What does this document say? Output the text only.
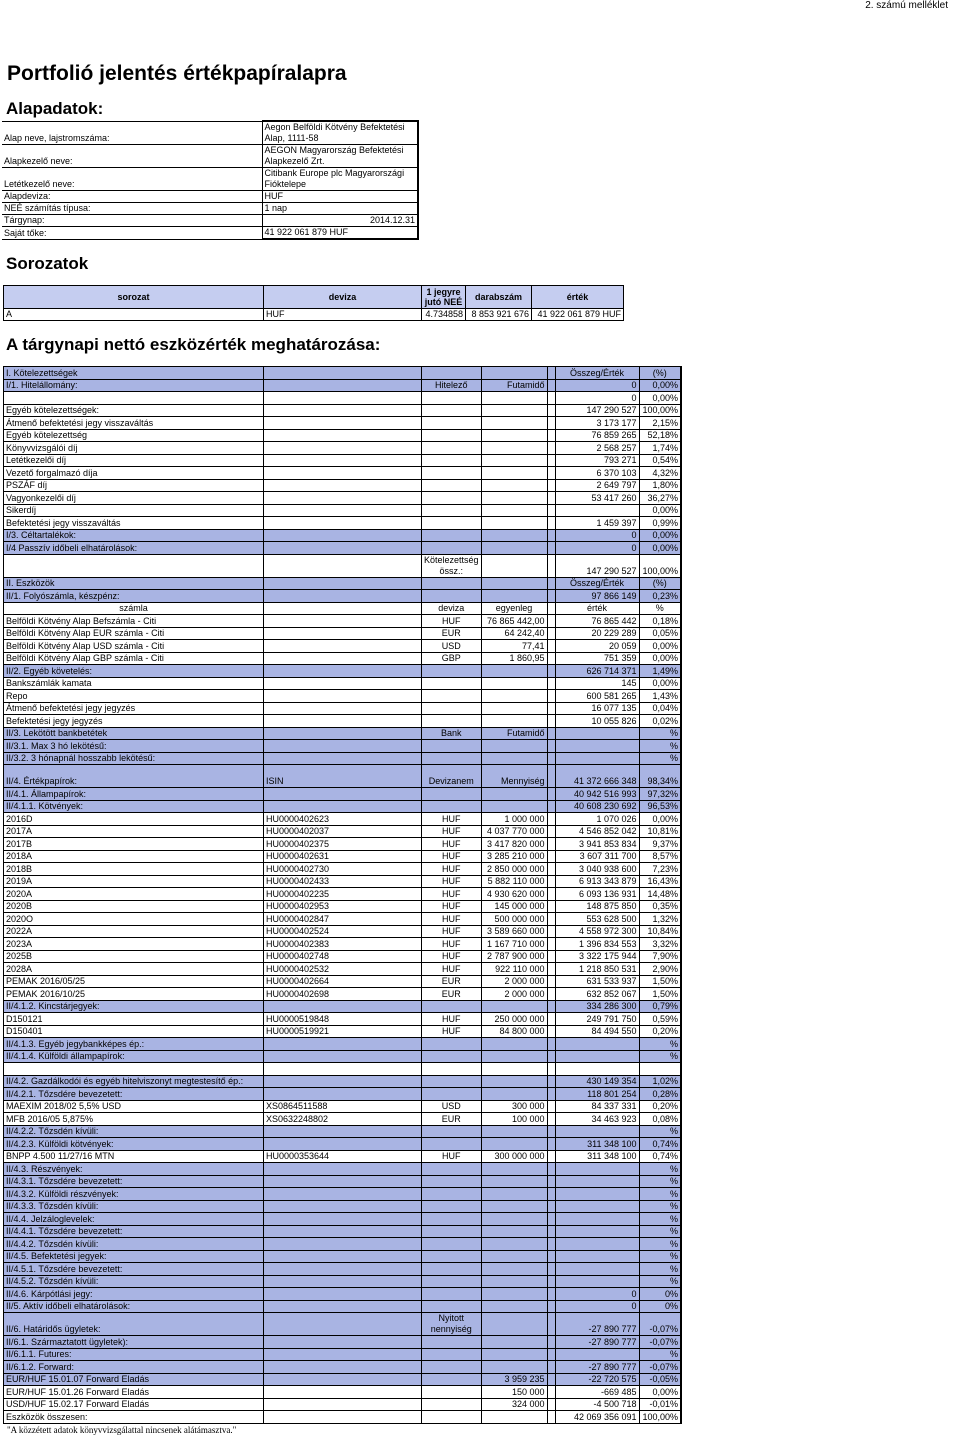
2. számú melléklet
Portfolió jelentés értékpapíralapra
Alapadatok:
Alap neve, lajstromszáma:	Aegon Belföldi Kötvény Befektetési Alap, 1111-58
Alapkezelő neve:	AEGON Magyarország Befektetési Alapkezelő Zrt.
Letétkezelő neve:	Citibank Europe plc Magyarországi Fióktelepe
Alapdeviza:	HUF
NEÉ számítás típusa:	1 nap
Tárgynap:	2014.12.31
Saját tőke:	41 922 061 879 HUF
Sorozatok
sorozat	deviza	1 jegyre jutó NEÉ	darabszám	érték
A	HUF	4.734858	8 853 921 676	41 922 061 879 HUF
A tárgynapi nettó eszközérték meghatározása:
I. Kötelezettségek					Összeg/Érték	(%)
I/1. Hitelállomány:		Hitelező	Futamidő		0	0,00%
					0	0,00%
Egyéb kötelezettségek:					147 290 527	100,00%
Átmenő befektetési jegy visszaváltás					3 173 177	2,15%
Egyéb kötelezettség					76 859 265	52,18%
Könyvvizsgálói díj					2 568 257	1,74%
Letétkezelői díj					793 271	0,54%
Vezető forgalmazó díja					6 370 103	4,32%
PSZÁF díj					2 649 797	1,80%
Vagyonkezelői díj					53 417 260	36,27%
Sikerdíj						0,00%
Befektetési jegy visszaváltás					1 459 397	0,99%
I/3. Céltartalékok:					0	0,00%
I/4 Passzív időbeli elhatárolások:					0	0,00%
		Kötelezettség össz.:			147 290 527	100,00%
II. Eszközök					Összeg/Érték	(%)
II/1. Folyószámla, készpénz:					97 866 149	0,23%
számla		deviza	egyenleg		érték	%
Belföldi Kötvény Alap Befszámla - Citi		HUF	76 865 442,00		76 865 442	0,18%
Belföldi Kötvény Alap EUR számla - Citi		EUR	64 242,40		20 229 289	0,05%
Belföldi Kötvény Alap USD számla - Citi		USD	77,41		20 059	0,00%
Belföldi Kötvény Alap GBP számla - Citi		GBP	1 860,95		751 359	0,00%
II/2. Egyéb követelés:					626 714 371	1,49%
Bankszámlák kamata					145	0,00%
Repo					600 581 265	1,43%
Átmenő befektetési jegy jegyzés					16 077 135	0,04%
Befektetési jegy jegyzés					10 055 826	0,02%
II/3. Lekötött bankbetétek		Bank	Futamidő			%
II/3.1. Max 3 hó lekötésű:						%
II/3.2. 3 hónapnál hosszabb lekötésű:						%
II/4. Értékpapírok:	ISIN	Devizanem	Mennyiség		41 372 666 348	98,34%
II/4.1. Állampapírok:					40 942 516 993	97,32%
II/4.1.1. Kötvények:					40 608 230 692	96,53%
2016D	HU0000402623	HUF	1 000 000		1 070 026	0,00%
2017A	HU0000402037	HUF	4 037 770 000		4 546 852 042	10,81%
2017B	HU0000402375	HUF	3 417 820 000		3 941 853 834	9,37%
2018A	HU0000402631	HUF	3 285 210 000		3 607 311 700	8,57%
2018B	HU0000402730	HUF	2 850 000 000		3 040 938 600	7,23%
2019A	HU0000402433	HUF	5 882 110 000		6 913 343 879	16,43%
2020A	HU0000402235	HUF	4 930 620 000		6 093 136 931	14,48%
2020B	HU0000402953	HUF	145 000 000		148 875 850	0,35%
2020O	HU0000402847	HUF	500 000 000		553 628 500	1,32%
2022A	HU0000402524	HUF	3 589 660 000		4 558 972 300	10,84%
2023A	HU0000402383	HUF	1 167 710 000		1 396 834 553	3,32%
2025B	HU0000402748	HUF	2 787 900 000		3 322 175 944	7,90%
2028A	HU0000402532	HUF	922 110 000		1 218 850 531	2,90%
PEMAK 2016/05/25	HU0000402664	EUR	2 000 000		631 533 937	1,50%
PEMAK 2016/10/25	HU0000402698	EUR	2 000 000		632 852 067	1,50%
II/4.1.2. Kincstárjegyek:					334 286 300	0,79%
D150121	HU0000519848	HUF	250 000 000		249 791 750	0,59%
D150401	HU0000519921	HUF	84 800 000		84 494 550	0,20%
II/4.1.3. Egyéb jegybankképes ép.:						%
II/4.1.4. Külföldi állampapírok:						%

II/4.2. Gazdálkodói és egyéb hitelviszonyt megtestesítő ép.:					430 149 354	1,02%
II/4.2.1. Tőzsdére bevezetett:					118 801 254	0,28%
MAEXIM 2018/02 5,5% USD	XS0864511588	USD	300 000		84 337 331	0,20%
MFB 2016/05 5,875%	XS0632248802	EUR	100 000		34 463 923	0,08%
II/4.2.2. Tőzsdén kívüli:						%
II/4.2.3. Külföldi kötvények:					311 348 100	0,74%
BNPP 4.500 11/27/16 MTN	HU0000353644	HUF	300 000 000		311 348 100	0,74%
II/4.3. Részvények:						%
II/4.3.1. Tőzsdére bevezetett:						%
II/4.3.2. Külföldi részvények:						%
II/4.3.3. Tőzsdén kívüli:						%
II/4.4. Jelzáloglevelek:						%
II/4.4.1. Tőzsdére bevezetett:						%
II/4.4.2. Tőzsdén kívüli:						%
II/4.5. Befektetési jegyek:						%
II/4.5.1. Tőzsdére bevezetett:						%
II/4.5.2. Tőzsdén kívüli:						%
II/4.6. Kárpótlási jegy:					0	0%
II/5. Aktív időbeli elhatárolások:					0	0%
II/6. Határidős ügyletek:		Nyitott nennyiség			-27 890 777	-0,07%
II/6.1. Származtatott ügyletek):					-27 890 777	-0,07%
II/6.1.1. Futures:						%
II/6.1.2. Forward:					-27 890 777	-0,07%
EUR/HUF 15.01.07 Forward Eladás			3 959 235		-22 720 575	-0,05%
EUR/HUF 15.01.26 Forward Eladás			150 000		-669 485	0,00%
USD/HUF 15.02.17 Forward Eladás			324 000		-4 500 718	-0,01%
Eszközök összesen:					42 069 356 091	100,00%
"A közzétett adatok könyvvizsgálattal nincsenek alátámasztva."
